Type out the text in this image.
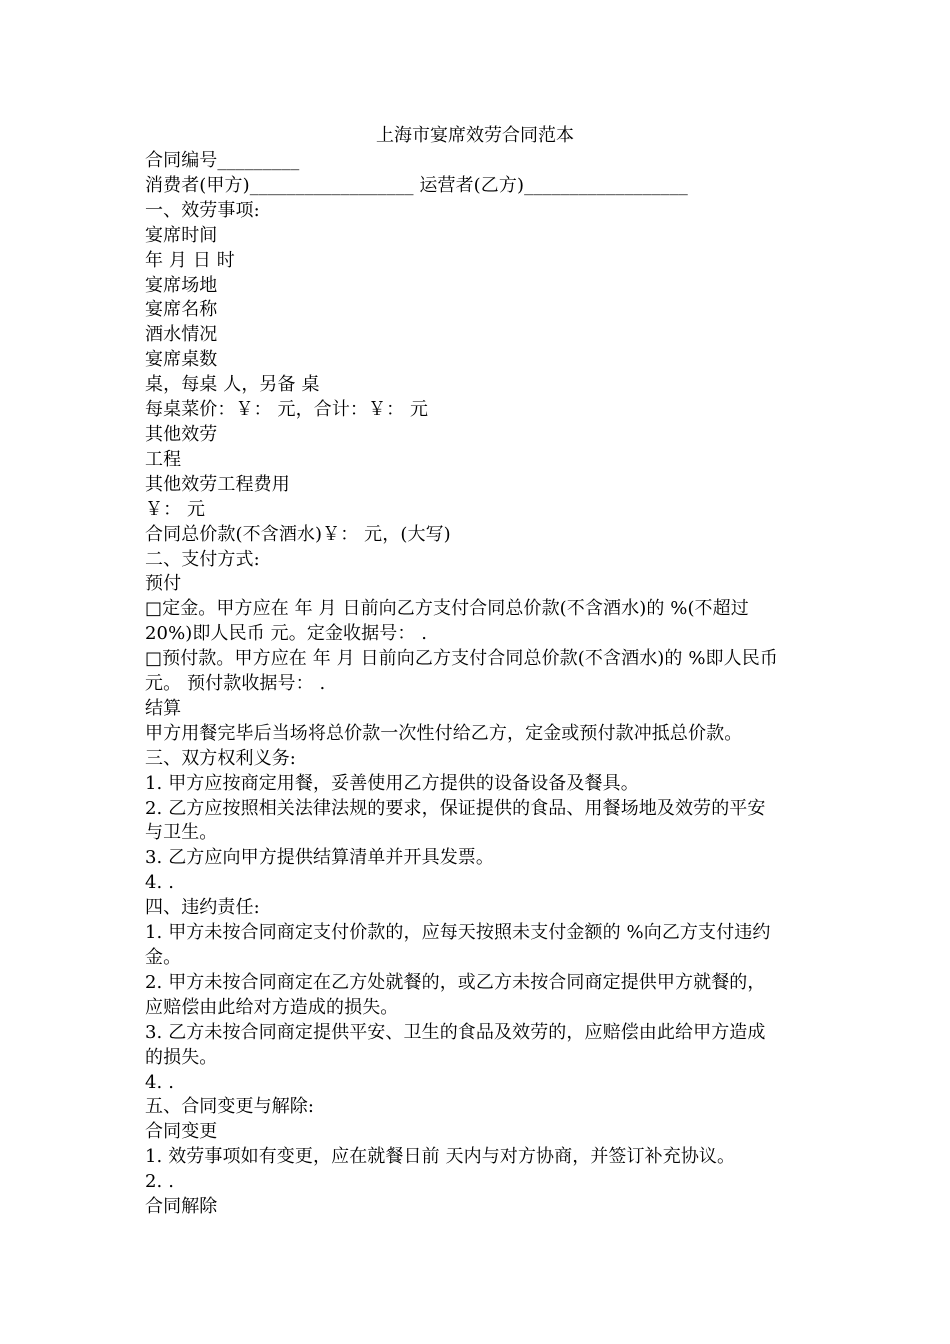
上海市宴席效劳合同范本
合同编号_________
消费者(甲方)__________________ 运营者(乙方)__________________
一、效劳事项:
宴席时间
年 月 日 时
宴席场地
宴席名称
酒水情况
宴席桌数
桌，每桌 人，另备 桌
每桌菜价：￥： 元，合计：￥： 元
其他效劳
工程
其他效劳工程费用
￥： 元
合同总价款(不含酒水)￥： 元，(大写)
二、支付方式:
预付
□定金。甲方应在 年 月 日前向乙方支付合同总价款(不含酒水)的 %(不超过
20%)即人民币 元。定金收据号： .
□预付款。甲方应在 年 月 日前向乙方支付合同总价款(不含酒水)的 %即人民币
元。 预付款收据号： .
结算
甲方用餐完毕后当场将总价款一次性付给乙方，定金或预付款冲抵总价款。
三、双方权利义务:
1. 甲方应按商定用餐，妥善使用乙方提供的设备设备及餐具。
2. 乙方应按照相关法律法规的要求，保证提供的食品、用餐场地及效劳的平安
与卫生。
3. 乙方应向甲方提供结算清单并开具发票。
4. .
四、违约责任:
1. 甲方未按合同商定支付价款的，应每天按照未支付金额的 %向乙方支付违约
金。
2. 甲方未按合同商定在乙方处就餐的，或乙方未按合同商定提供甲方就餐的，
应赔偿由此给对方造成的损失。
3. 乙方未按合同商定提供平安、卫生的食品及效劳的，应赔偿由此给甲方造成
的损失。
4. .
五、合同变更与解除:
合同变更
1. 效劳事项如有变更，应在就餐日前 天内与对方协商，并签订补充协议。
2. .
合同解除
